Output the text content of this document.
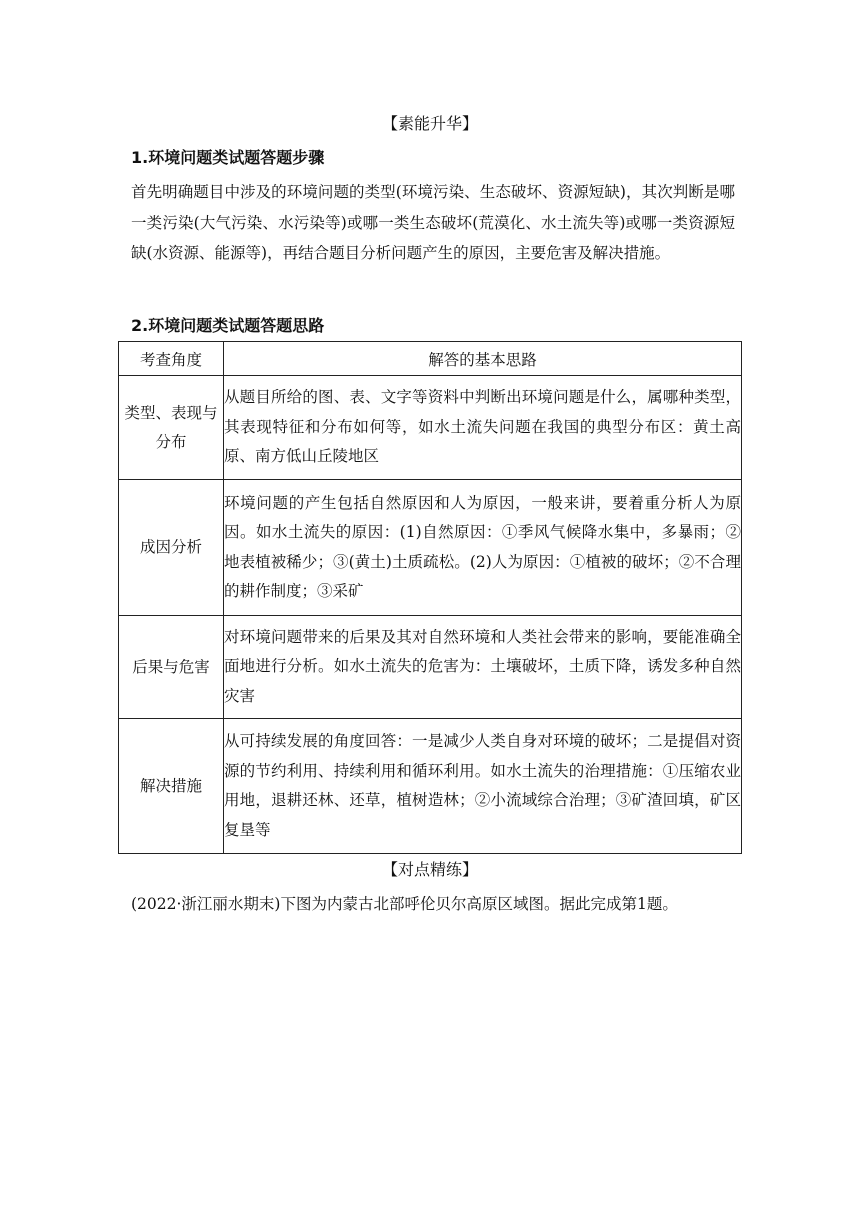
【素能升华】
1.环境问题类试题答题步骤

首先明确题目中涉及的环境问题的类型(环境污染、生态破坏、资源短缺)，其次判断是哪一类污染(大气污染、水污染等)或哪一类生态破坏(荒漠化、水土流失等)或哪一类资源短缺(水资源、能源等)，再结合题目分析问题产生的原因，主要危害及解决措施。

2.环境问题类试题答题思路
考查角度	解答的基本思路
类型、表现与分布	从题目所给的图、表、文字等资料中判断出环境问题是什么，属哪种类型，其表现特征和分布如何等，如水土流失问题在我国的典型分布区：黄土高原、南方低山丘陵地区
成因分析	环境问题的产生包括自然原因和人为原因，一般来讲，要着重分析人为原因。如水土流失的原因：(1)自然原因：①季风气候降水集中，多暴雨；②地表植被稀少；③(黄土)土质疏松。(2)人为原因：①植被的破坏；②不合理的耕作制度；③采矿
后果与危害	对环境问题带来的后果及其对自然环境和人类社会带来的影响，要能准确全面地进行分析。如水土流失的危害为：土壤破坏，土质下降，诱发多种自然灾害
解决措施	从可持续发展的角度回答：一是减少人类自身对环境的破坏；二是提倡对资源的节约利用、持续利用和循环利用。如水土流失的治理措施：①压缩农业用地，退耕还林、还草，植树造林；②小流域综合治理；③矿渣回填，矿区复垦等
【对点精练】
(2022·浙江丽水期末)下图为内蒙古北部呼伦贝尔高原区域图。据此完成第1题。
